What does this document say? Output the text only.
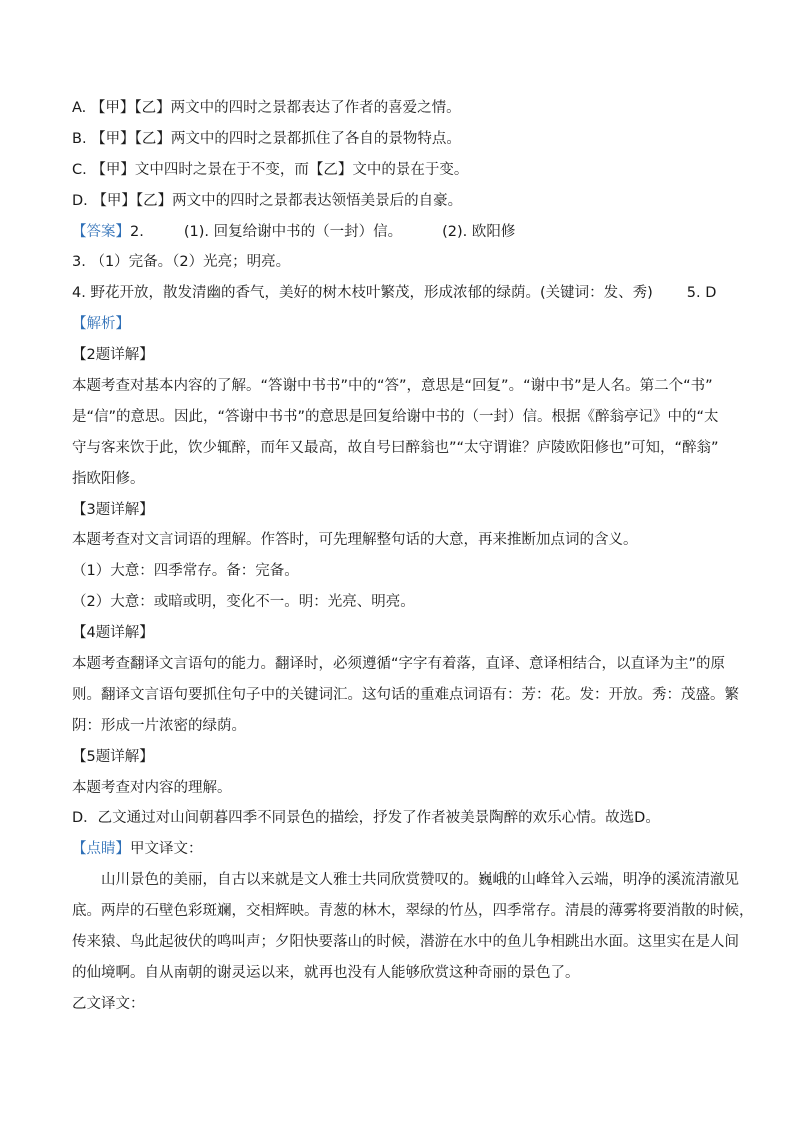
A. 【甲】【乙】两文中的四时之景都表达了作者的喜爱之情。
B. 【甲】【乙】两文中的四时之景都抓住了各自的景物特点。
C. 【甲】文中四时之景在于不变，而【乙】文中的景在于变。
D. 【甲】【乙】两文中的四时之景都表达领悟美景后的自豪。
【答案】2.	(1). 回复给谢中书的（一封）信。	(2). 欧阳修
3. （1）完备。（2）光亮；明亮。
4. 野花开放，散发清幽的香气，美好的树木枝叶繁茂，形成浓郁的绿荫。(关键词：发、秀) 5. D
【解析】
【2题详解】
本题考查对基本内容的了解。“答谢中书书”中的“答”，意思是“回复”。“谢中书”是人名。第二个“书”
是“信”的意思。因此，“答谢中书书”的意思是回复给谢中书的（一封）信。根据《醉翁亭记》中的“太
守与客来饮于此，饮少辄醉，而年又最高，故自号曰醉翁也”“太守谓谁？庐陵欧阳修也”可知，“醉翁”
指欧阳修。
【3题详解】
本题考查对文言词语的理解。作答时，可先理解整句话的大意，再来推断加点词的含义。
（1）大意：四季常存。备：完备。
（2）大意：或暗或明，变化不一。明：光亮、明亮。
【4题详解】
本题考查翻译文言语句的能力。翻译时，必须遵循“字字有着落，直译、意译相结合，以直译为主”的原
则。翻译文言语句要抓住句子中的关键词汇。这句话的重难点词语有：芳：花。发：开放。秀：茂盛。繁
阴：形成一片浓密的绿荫。
【5题详解】
本题考查对内容的理解。
D．乙文通过对山间朝暮四季不同景色的描绘，抒发了作者被美景陶醉的欢乐心情。故选D。
【点睛】甲文译文：
山川景色的美丽，自古以来就是文人雅士共同欣赏赞叹的。巍峨的山峰耸入云端，明净的溪流清澈见
底。两岸的石壁色彩斑斓，交相辉映。青葱的林木，翠绿的竹丛，四季常存。清晨的薄雾将要消散的时候，
传来猿、鸟此起彼伏的鸣叫声；夕阳快要落山的时候，潜游在水中的鱼儿争相跳出水面。这里实在是人间
的仙境啊。自从南朝的谢灵运以来，就再也没有人能够欣赏这种奇丽的景色了。
乙文译文：
